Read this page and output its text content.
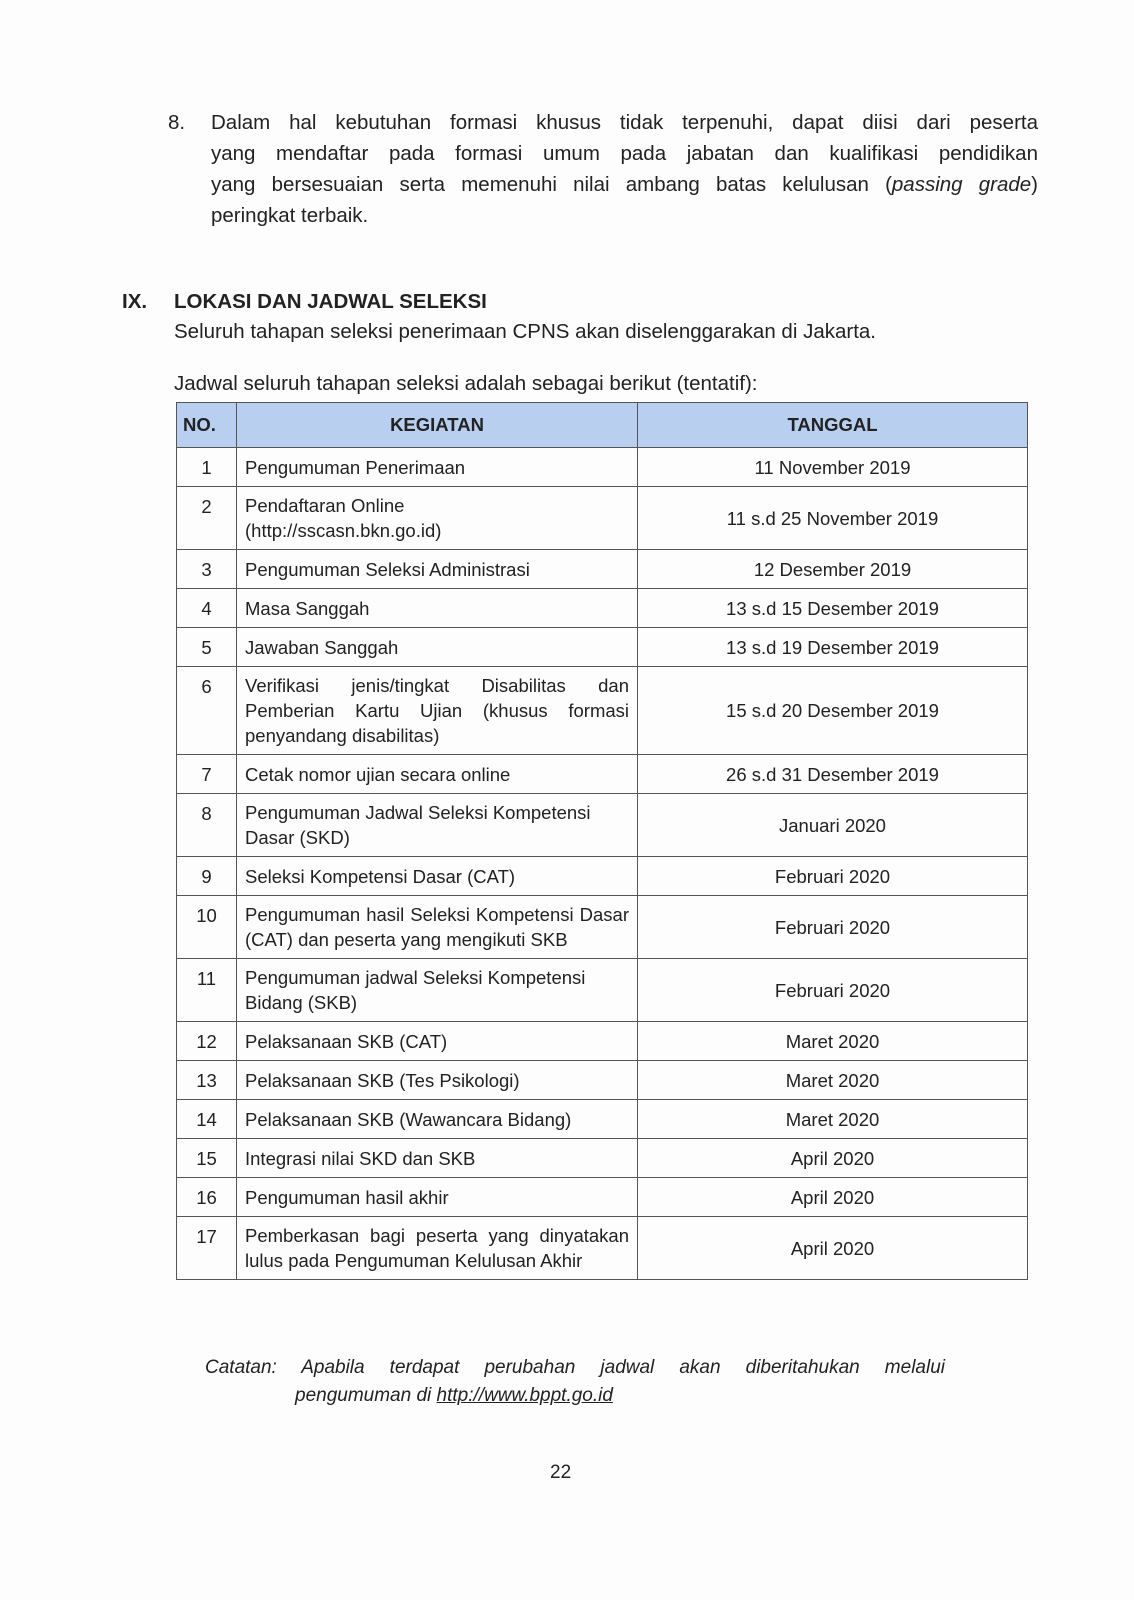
8. Dalam hal kebutuhan formasi khusus tidak terpenuhi, dapat diisi dari peserta
yang mendaftar pada formasi umum pada jabatan dan kualifikasi pendidikan
yang bersesuaian serta memenuhi nilai ambang batas kelulusan (passing grade)
peringkat terbaik.
IX. LOKASI DAN JADWAL SELEKSI
Seluruh tahapan seleksi penerimaan CPNS akan diselenggarakan di Jakarta.
Jadwal seluruh tahapan seleksi adalah sebagai berikut (tentatif):
NO.	KEGIATAN	TANGGAL
1	Pengumuman Penerimaan	11 November 2019
2	Pendaftaran Online (http://sscasn.bkn.go.id)	11 s.d 25 November 2019
3	Pengumuman Seleksi Administrasi	12 Desember 2019
4	Masa Sanggah	13 s.d 15 Desember 2019
5	Jawaban Sanggah	13 s.d 19 Desember 2019
6	Verifikasi jenis/tingkat Disabilitas dan Pemberian Kartu Ujian (khusus formasi penyandang disabilitas)	15 s.d 20 Desember 2019
7	Cetak nomor ujian secara online	26 s.d 31 Desember 2019
8	Pengumuman Jadwal Seleksi Kompetensi Dasar (SKD)	Januari 2020
9	Seleksi Kompetensi Dasar (CAT)	Februari 2020
10	Pengumuman hasil Seleksi Kompetensi Dasar (CAT) dan peserta yang mengikuti SKB	Februari 2020
11	Pengumuman jadwal Seleksi Kompetensi Bidang (SKB)	Februari 2020
12	Pelaksanaan SKB (CAT)	Maret 2020
13	Pelaksanaan SKB (Tes Psikologi)	Maret 2020
14	Pelaksanaan SKB (Wawancara Bidang)	Maret 2020
15	Integrasi nilai SKD dan SKB	April 2020
16	Pengumuman hasil akhir	April 2020
17	Pemberkasan bagi peserta yang dinyatakan lulus pada Pengumuman Kelulusan Akhir	April 2020
Catatan: Apabila terdapat perubahan jadwal akan diberitahukan melalui
pengumuman di http://www.bppt.go.id
22
